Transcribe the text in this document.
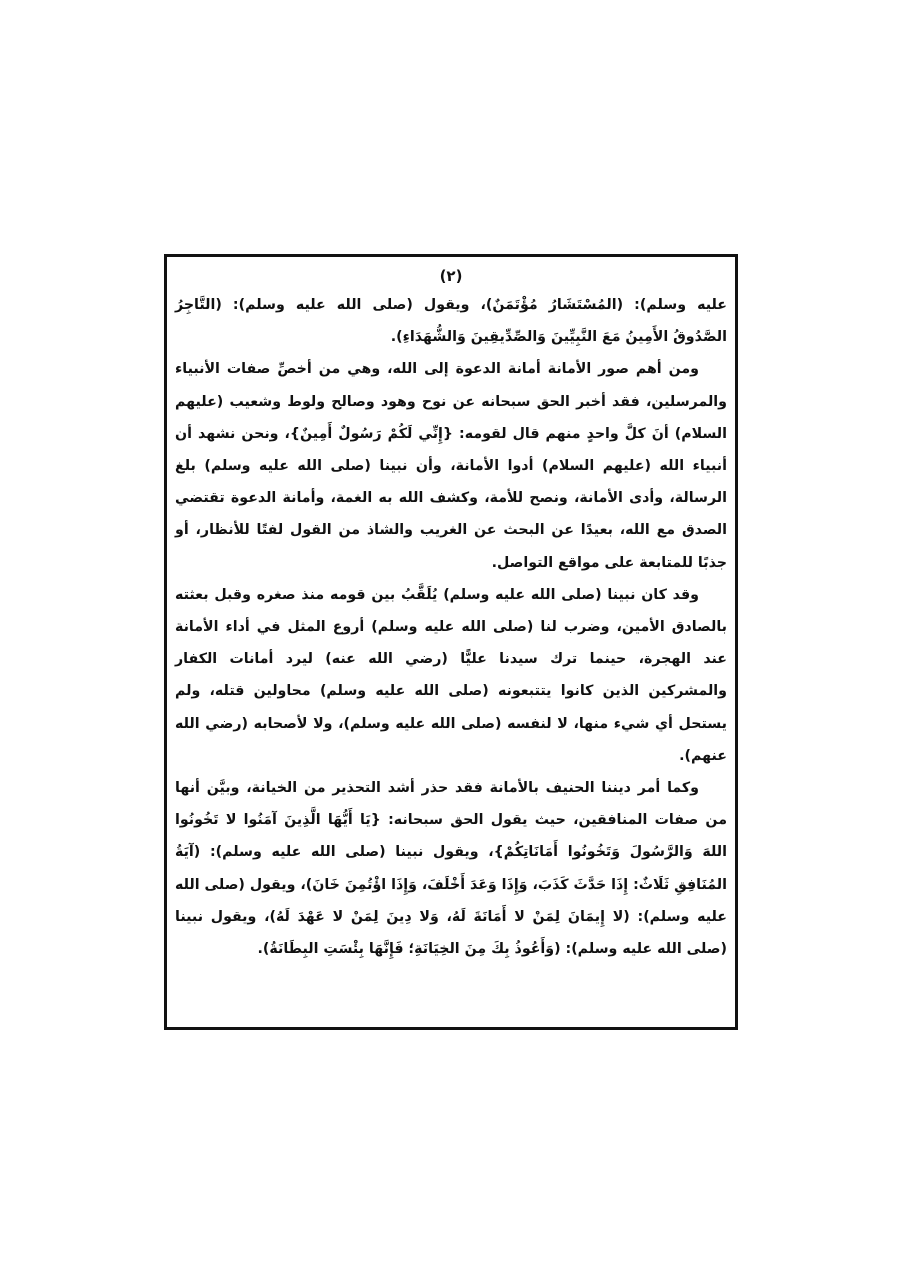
(٢)

عليه وسلم): (المُسْتَشَارُ مُؤْتَمَنٌ)، ويقول (صلى الله عليه وسلم): (التَّاجِرُ الصَّدُوقُ الأَمِينُ مَعَ النَّبِيِّينَ وَالصِّدِّيقِينَ وَالشُّهَدَاءِ).

ومن أهم صور الأمانة أمانة الدعوة إلى الله، وهي من أخصِّ صفات الأنبياء والمرسلين، فقد أخبر الحق سبحانه عن نوح وهود وصالح ولوط وشعيب (عليهم السلام) أنَ كلَّ واحدٍ منهم قال لقومه: {إِنِّي لَكُمْ رَسُولٌ أَمِينٌ}، ونحن نشهد أن أنبياء الله (عليهم السلام) أدوا الأمانة، وأن نبينا (صلى الله عليه وسلم) بلغ الرسالة، وأدى الأمانة، ونصح للأمة، وكشف الله به الغمة، وأمانة الدعوة تقتضي الصدق مع الله، بعيدًا عن البحث عن الغريب والشاذ من القول لفتًا للأنظار، أو جذبًا للمتابعة على مواقع التواصل.

وقد كان نبينا (صلى الله عليه وسلم) يُلَقَّبُ بين قومه منذ صغره وقبل بعثته بالصادق الأمين، وضرب لنا (صلى الله عليه وسلم) أروع المثل في أداء الأمانة عند الهجرة، حينما ترك سيدنا عليًّا (رضي الله عنه) ليرد أمانات الكفار والمشركين الذين كانوا يتتبعونه (صلى الله عليه وسلم) محاولين قتله، ولم يستحل أي شيء منها، لا لنفسه (صلى الله عليه وسلم)، ولا لأصحابه (رضي الله عنهم).

وكما أمر ديننا الحنيف بالأمانة فقد حذر أشد التحذير من الخيانة، وبيَّن أنها من صفات المنافقين، حيث يقول الحق سبحانه: {يَا أَيُّهَا الَّذِينَ آمَنُوا لا تَخُونُوا اللهَ وَالرَّسُولَ وَتَخُونُوا أَمَانَاتِكُمْ}، ويقول نبينا (صلى الله عليه وسلم): (آيَةُ المُنَافِقِ ثَلَاثٌ: إِذَا حَدَّثَ كَذَبَ، وَإِذَا وَعَدَ أَخْلَفَ، وَإِذَا اؤْتُمِنَ خَانَ)، ويقول (صلى الله عليه وسلم): (لا إِيمَانَ لِمَنْ لا أَمَانَةَ لَهُ، وَلا دِينَ لِمَنْ لا عَهْدَ لَهُ)، ويقول نبينا (صلى الله عليه وسلم): (وَأَعُوذُ بِكَ مِنَ الخِيَانَةِ؛ فَإِنَّهَا بِئْسَتِ البِطَانَةُ).
